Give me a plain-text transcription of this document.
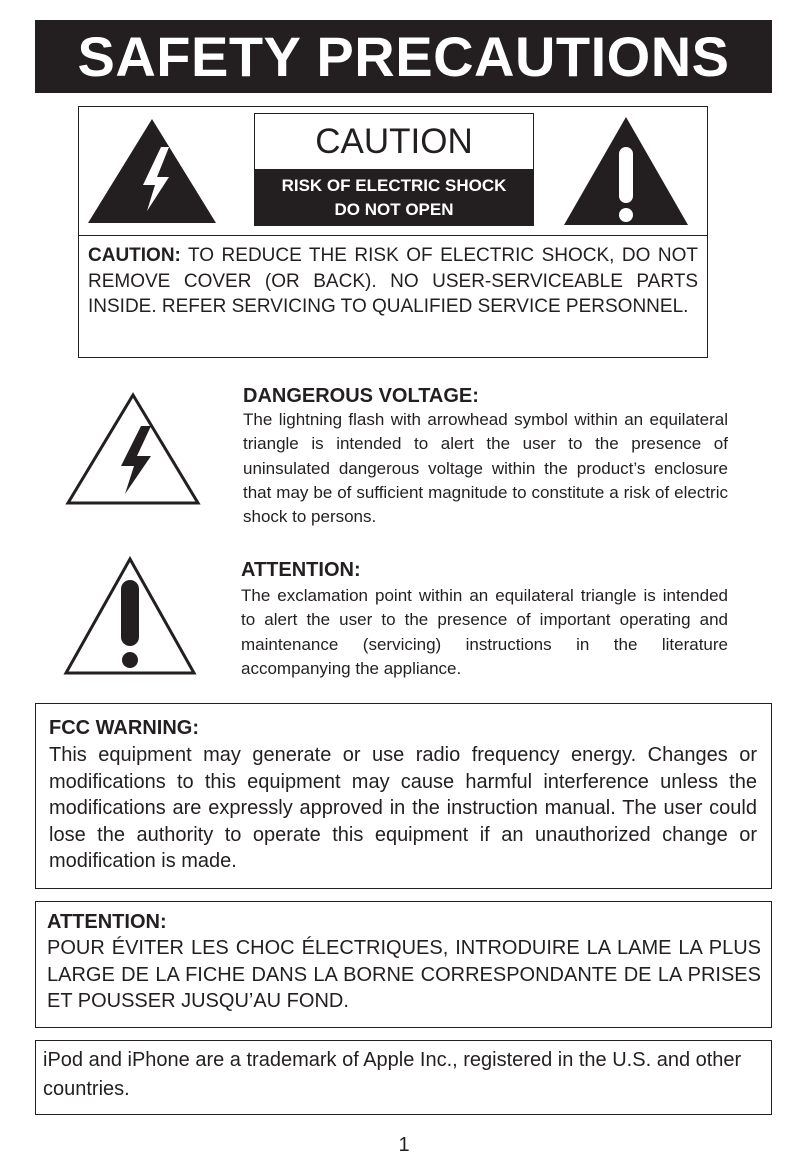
SAFETY PRECAUTIONS
CAUTION
RISK OF ELECTRIC SHOCK
DO NOT OPEN
CAUTION: TO REDUCE THE RISK OF ELECTRIC SHOCK, DO NOT REMOVE COVER (OR BACK). NO USER-SERVICEABLE PARTS INSIDE. REFER SERVICING TO QUALIFIED SERVICE PERSONNEL.
DANGEROUS VOLTAGE:
The lightning flash with arrowhead symbol within an equilateral triangle is intended to alert the user to the presence of uninsulated dangerous voltage within the product’s enclosure that may be of sufficient magnitude to constitute a risk of electric shock to persons.
ATTENTION:
The exclamation point within an equilateral triangle is intended to alert the user to the presence of important operating and maintenance (servicing) instructions in the literature accompanying the appliance.
FCC WARNING:
This equipment may generate or use radio frequency energy. Changes or modifications to this equipment may cause harmful interference unless the modifications are expressly approved in the instruction manual. The user could lose the authority to operate this equipment if an unauthorized change or modification is made.
ATTENTION:
POUR ÉVITER LES CHOC ÉLECTRIQUES, INTRODUIRE LA LAME LA PLUS LARGE DE LA FICHE DANS LA BORNE CORRESPONDANTE DE LA PRISES ET POUSSER JUSQU’AU FOND.
iPod and iPhone are a trademark of Apple Inc., registered in the U.S. and other countries.
1
